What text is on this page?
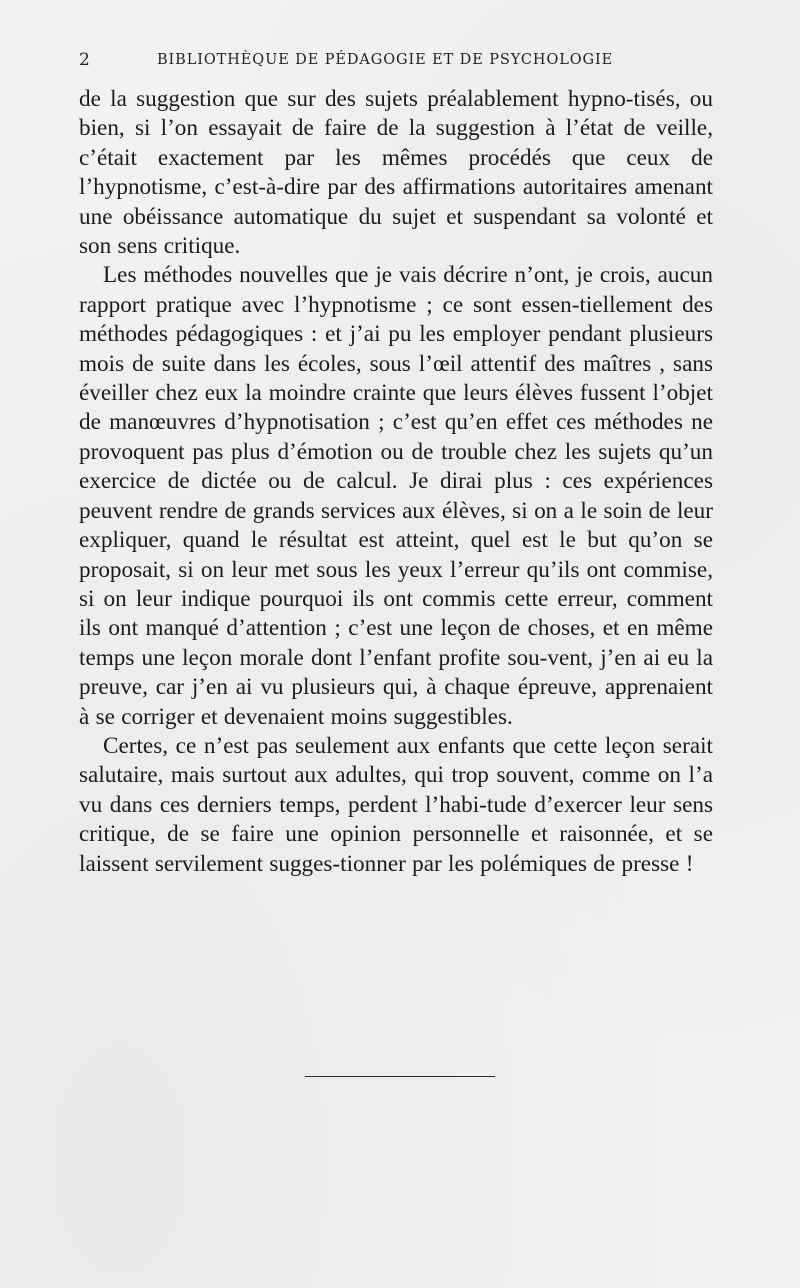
2	BIBLIOTHÈQUE DE PÉDAGOGIE ET DE PSYCHOLOGIE

de la suggestion que sur des sujets préalablement hypno-tisés, ou bien, si l’on essayait de faire de la suggestion à l’état de veille, c’était exactement par les mêmes procédés que ceux de l’hypnotisme, c’est-à-dire par des affirmations autoritaires amenant une obéissance automatique du sujet et suspendant sa volonté et son sens critique.

Les méthodes nouvelles que je vais décrire n’ont, je crois, aucun rapport pratique avec l’hypnotisme ; ce sont essen-tiellement des méthodes pédagogiques : et j’ai pu les employer pendant plusieurs mois de suite dans les écoles, sous l’œil attentif des maîtres , sans éveiller chez eux la moindre crainte que leurs élèves fussent l’objet de manœuvres d’hypnotisation ; c’est qu’en effet ces méthodes ne provoquent pas plus d’émotion ou de trouble chez les sujets qu’un exercice de dictée ou de calcul. Je dirai plus : ces expériences peuvent rendre de grands services aux élèves, si on a le soin de leur expliquer, quand le résultat est atteint, quel est le but qu’on se proposait, si on leur met sous les yeux l’erreur qu’ils ont commise, si on leur indique pourquoi ils ont commis cette erreur, comment ils ont manqué d’attention ; c’est une leçon de choses, et en même temps une leçon morale dont l’enfant profite sou-vent, j’en ai eu la preuve, car j’en ai vu plusieurs qui, à chaque épreuve, apprenaient à se corriger et devenaient moins suggestibles.

Certes, ce n’est pas seulement aux enfants que cette leçon serait salutaire, mais surtout aux adultes, qui trop souvent, comme on l’a vu dans ces derniers temps, perdent l’habi-tude d’exercer leur sens critique, de se faire une opinion personnelle et raisonnée, et se laissent servilement sugges-tionner par les polémiques de presse !
